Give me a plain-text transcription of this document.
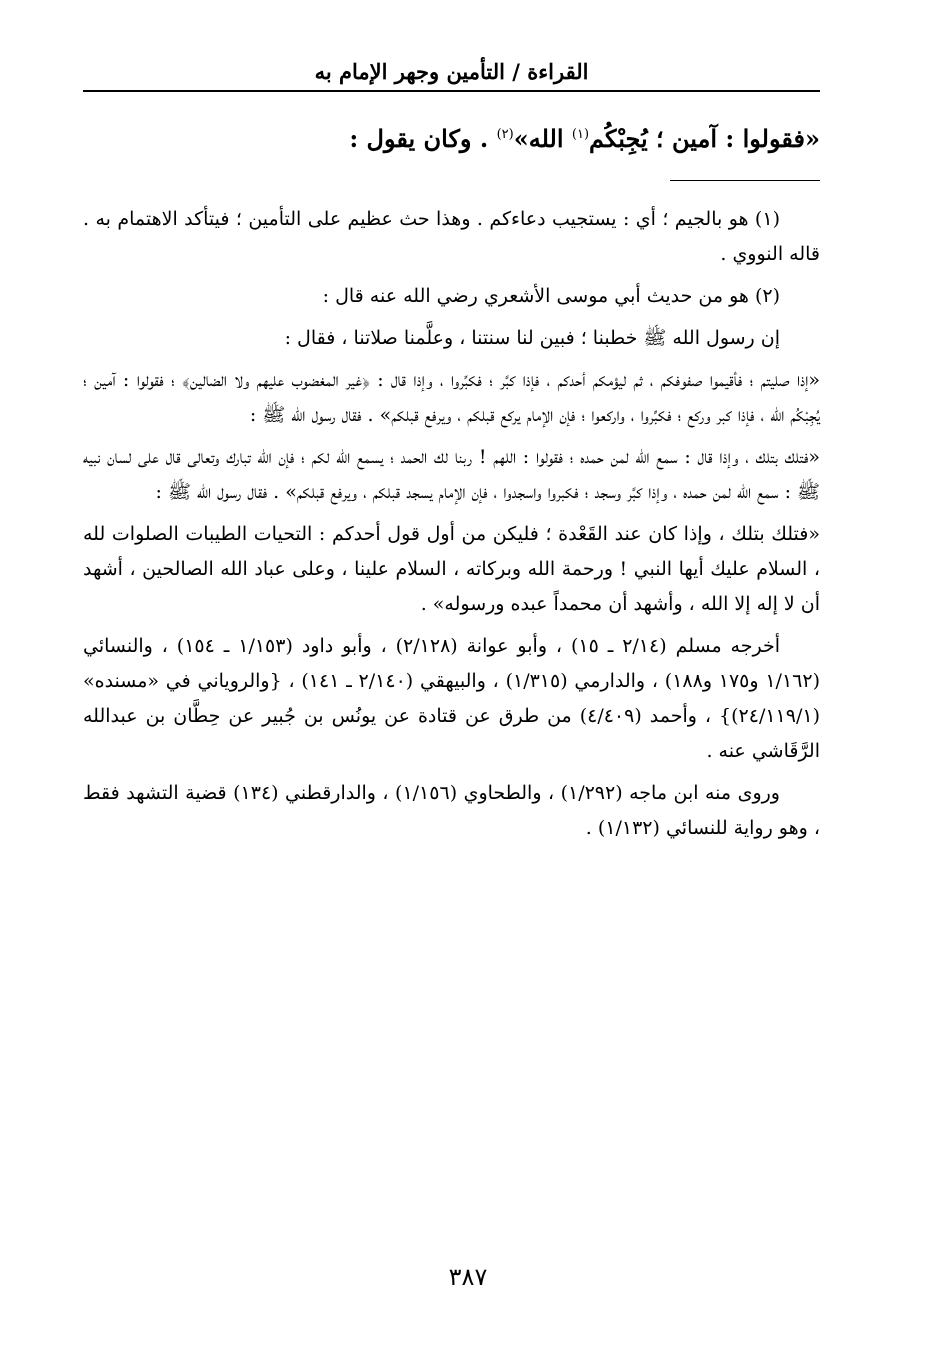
القراءة / التأمين وجهر الإمام به
«فقولوا : آمين ؛ يُجِبْكُم$^{(١)}$ الله»$^{(٢)}$ . وكان يقول :

(١) هو بالجيم ؛ أي : يستجيب دعاءكم . وهذا حث عظيم على التأمين ؛ فيتأكد الاهتمام به . قاله النووي .

(٢) هو من حديث أبي موسى الأشعري رضي الله عنه قال :

إن رسول الله ﷺ خطبنا ؛ فبين لنا سنتنا ، وعلَّمنا صلاتنا ، فقال :

«إذا صليتم ؛ فأقيموا صفوفكم ، ثم ليؤمكم أحدكم ، فإذا كبَّر ؛ فكبِّروا ، وإذا قال : ﴿غير المغضوب عليهم ولا الضالين﴾ ؛ فقولوا : آمين ؛ يُجِبْكُم الله ، فإذا كبر وركع ؛ فكبِّروا ، واركعوا ؛ فإن الإمام يركع قبلكم ، ويرفع قبلكم» . فقال رسول الله ﷺ :

«فتلك بتلك ، وإذا قال : سمع الله لمن حمده ؛ فقولوا : اللهم ! ربنا لك الحمد ؛ يسمع الله لكم ؛ فإن الله تبارك وتعالى قال على لسان نبيه ﷺ : سمع الله لمن حمده ، وإذا كبَّر وسجد ؛ فكبروا واسجدوا ، فإن الإمام يسجد قبلكم ، ويرفع قبلكم» . فقال رسول الله ﷺ :

«فتلك بتلك ، وإذا كان عند القَعْدة ؛ فليكن من أول قول أحدكم : التحيات الطيبات الصلوات لله ، السلام عليك أيها النبي ! ورحمة الله وبركاته ، السلام علينا ، وعلى عباد الله الصالحين ، أشهد أن لا إله إلا الله ، وأشهد أن محمداً عبده ورسوله» .

أخرجه مسلم (٢/١٤ ـ ١٥) ، وأبو عوانة (٢/١٢٨) ، وأبو داود (١/١٥٣ ـ ١٥٤) ، والنسائي (١/١٦٢ و١٧٥ و١٨٨) ، والدارمي (١/٣١٥) ، والبيهقي (٢/١٤٠ ـ ١٤١) ، {والروياني في «مسنده» (٢٤/١١٩/١)} ، وأحمد (٤/٤٠٩) من طرق عن قتادة عن يونُس بن جُبير عن حِطَّان بن عبدالله الرَّقَاشي عنه .

وروى منه ابن ماجه (١/٢٩٢) ، والطحاوي (١/١٥٦) ، والدارقطني (١٣٤) قضية التشهد فقط ، وهو رواية للنسائي (١/١٣٢) .

٣٨٧
